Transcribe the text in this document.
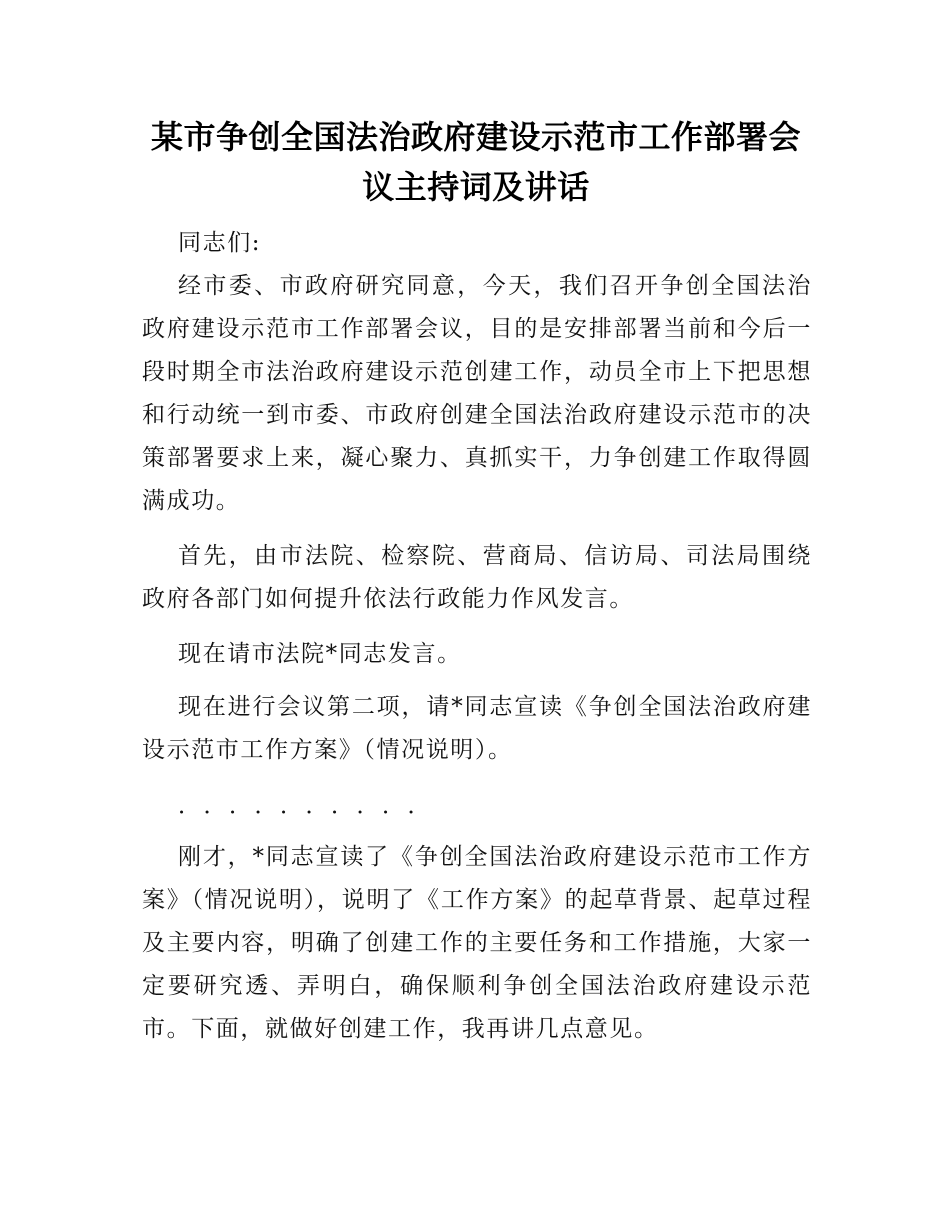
某市争创全国法治政府建设示范市工作部署会议主持词及讲话

同志们:

经市委、市政府研究同意，今天，我们召开争创全国法治政府建设示范市工作部署会议，目的是安排部署当前和今后一段时期全市法治政府建设示范创建工作，动员全市上下把思想和行动统一到市委、市政府创建全国法治政府建设示范市的决策部署要求上来，凝心聚力、真抓实干，力争创建工作取得圆满成功。

首先，由市法院、检察院、营商局、信访局、司法局围绕政府各部门如何提升依法行政能力作风发言。

现在请市法院*同志发言。

现在进行会议第二项，请*同志宣读《争创全国法治政府建设示范市工作方案》（情况说明）。

．．．．．．．．．．

刚才，*同志宣读了《争创全国法治政府建设示范市工作方案》（情况说明），说明了《工作方案》的起草背景、起草过程及主要内容，明确了创建工作的主要任务和工作措施，大家一定要研究透、弄明白，确保顺利争创全国法治政府建设示范市。下面，就做好创建工作，我再讲几点意见。
